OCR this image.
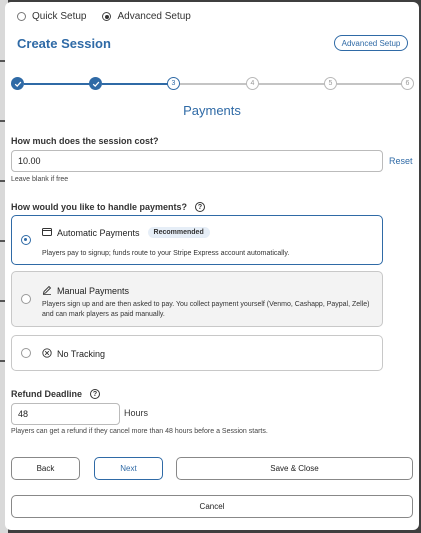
Quick Setup	Advanced Setup
Create Session	Advanced Setup
3	4	5	6
Payments
How much does the session cost?
10.00
Reset
Leave blank if free
How would you like to handle payments?	?
Automatic Payments	Recommended
Players pay to signup; funds route to your Stripe Express account automatically.
Manual Payments
Players sign up and are then asked to pay. You collect payment yourself (Venmo, Cashapp, Paypal, Zelle) and can mark players as paid manually.
No Tracking
Refund Deadline	?
48
Hours
Players can get a refund if they cancel more than 48 hours before a Session starts.
Back	Next	Save & Close
Cancel
